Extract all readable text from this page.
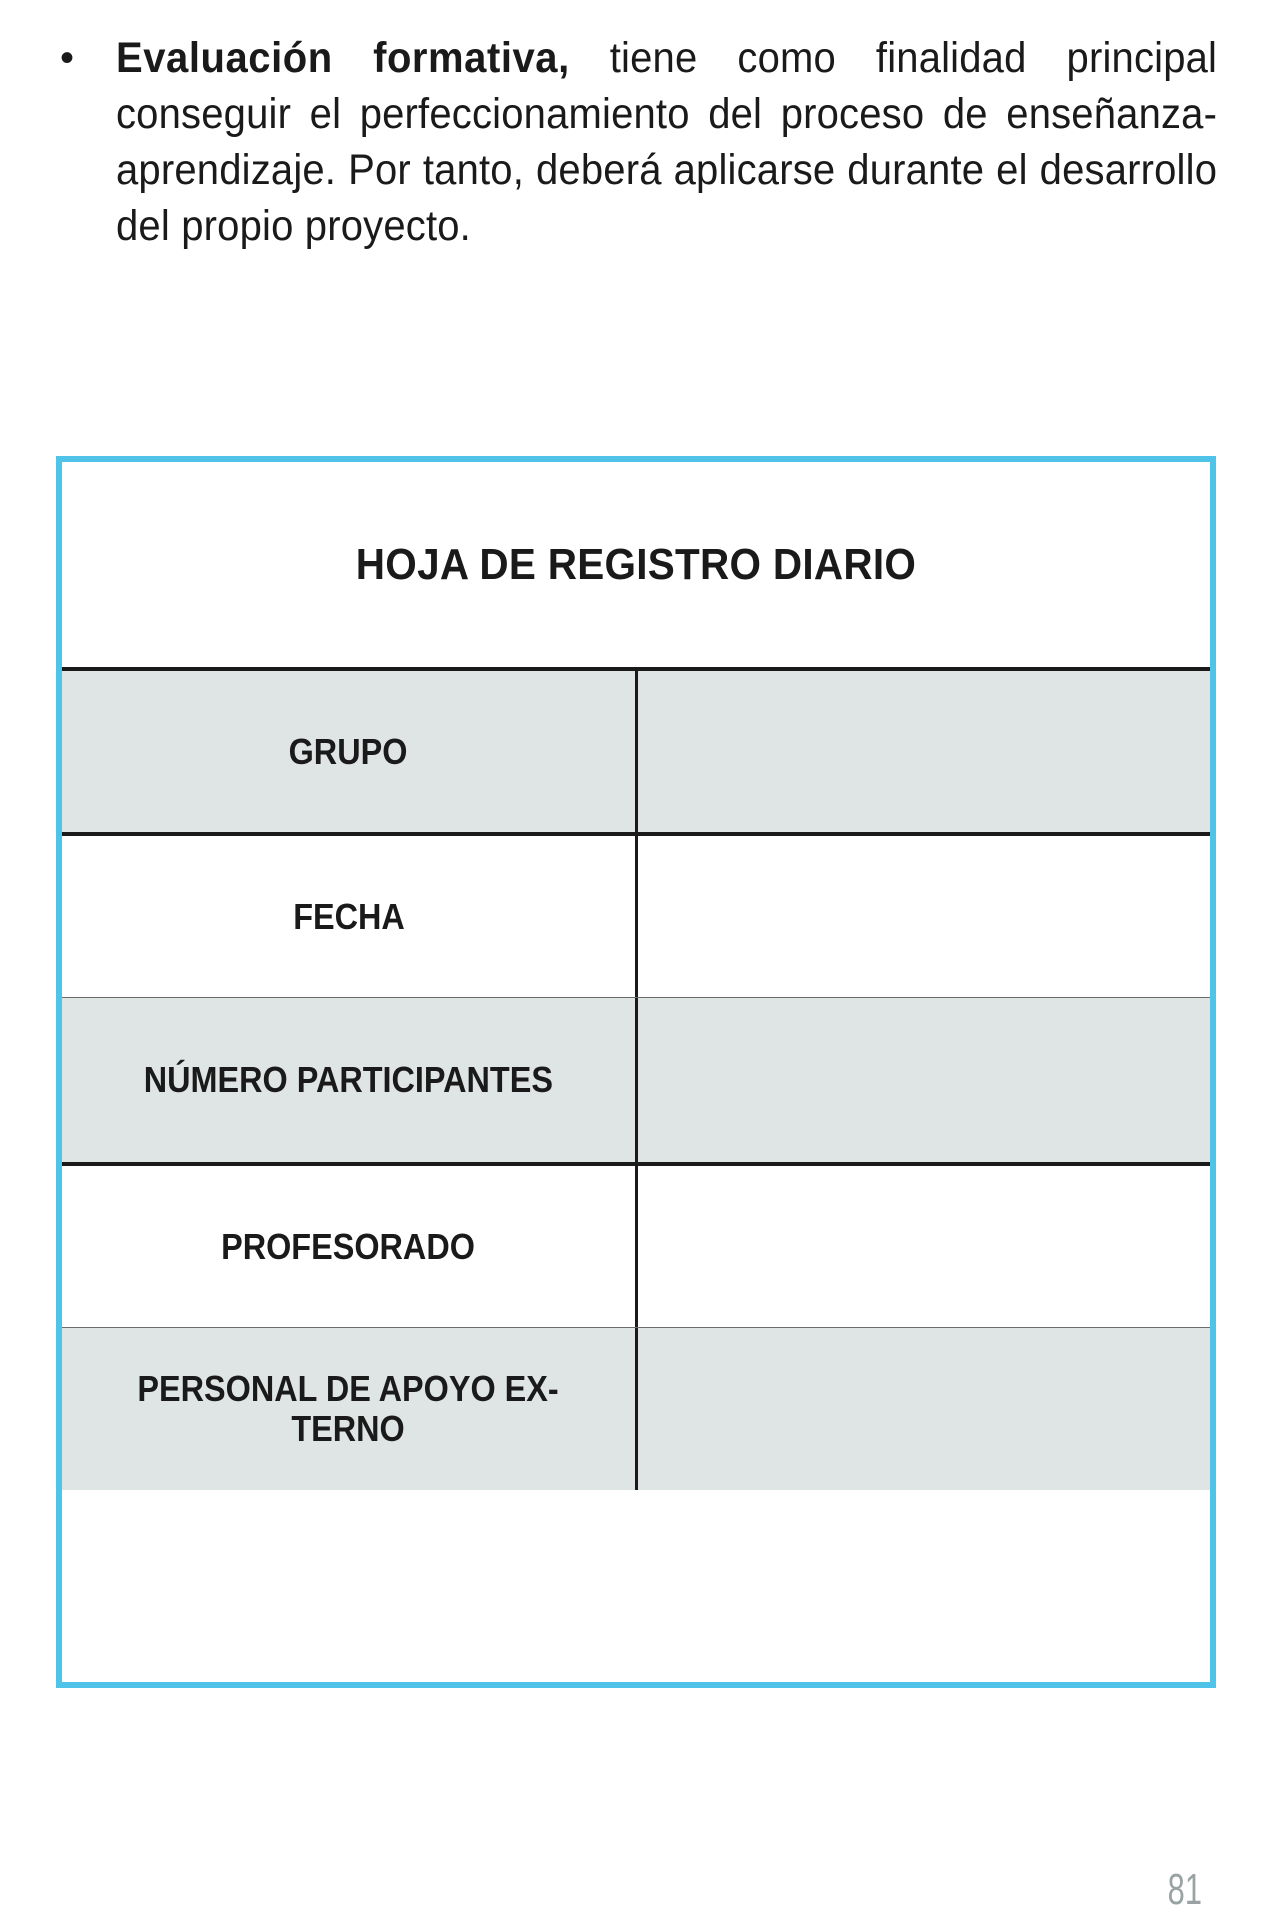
• Evaluación formativa, tiene como finalidad principal conseguir el perfeccionamiento del proceso de enseñanza-aprendizaje. Por tanto, deberá aplicarse durante el desarrollo del propio proyecto.
HOJA DE REGISTRO DIARIO
GRUPO
FECHA
NÚMERO PARTICIPANTES
PROFESORADO
PERSONAL DE APOYO EX-
TERNO
81
